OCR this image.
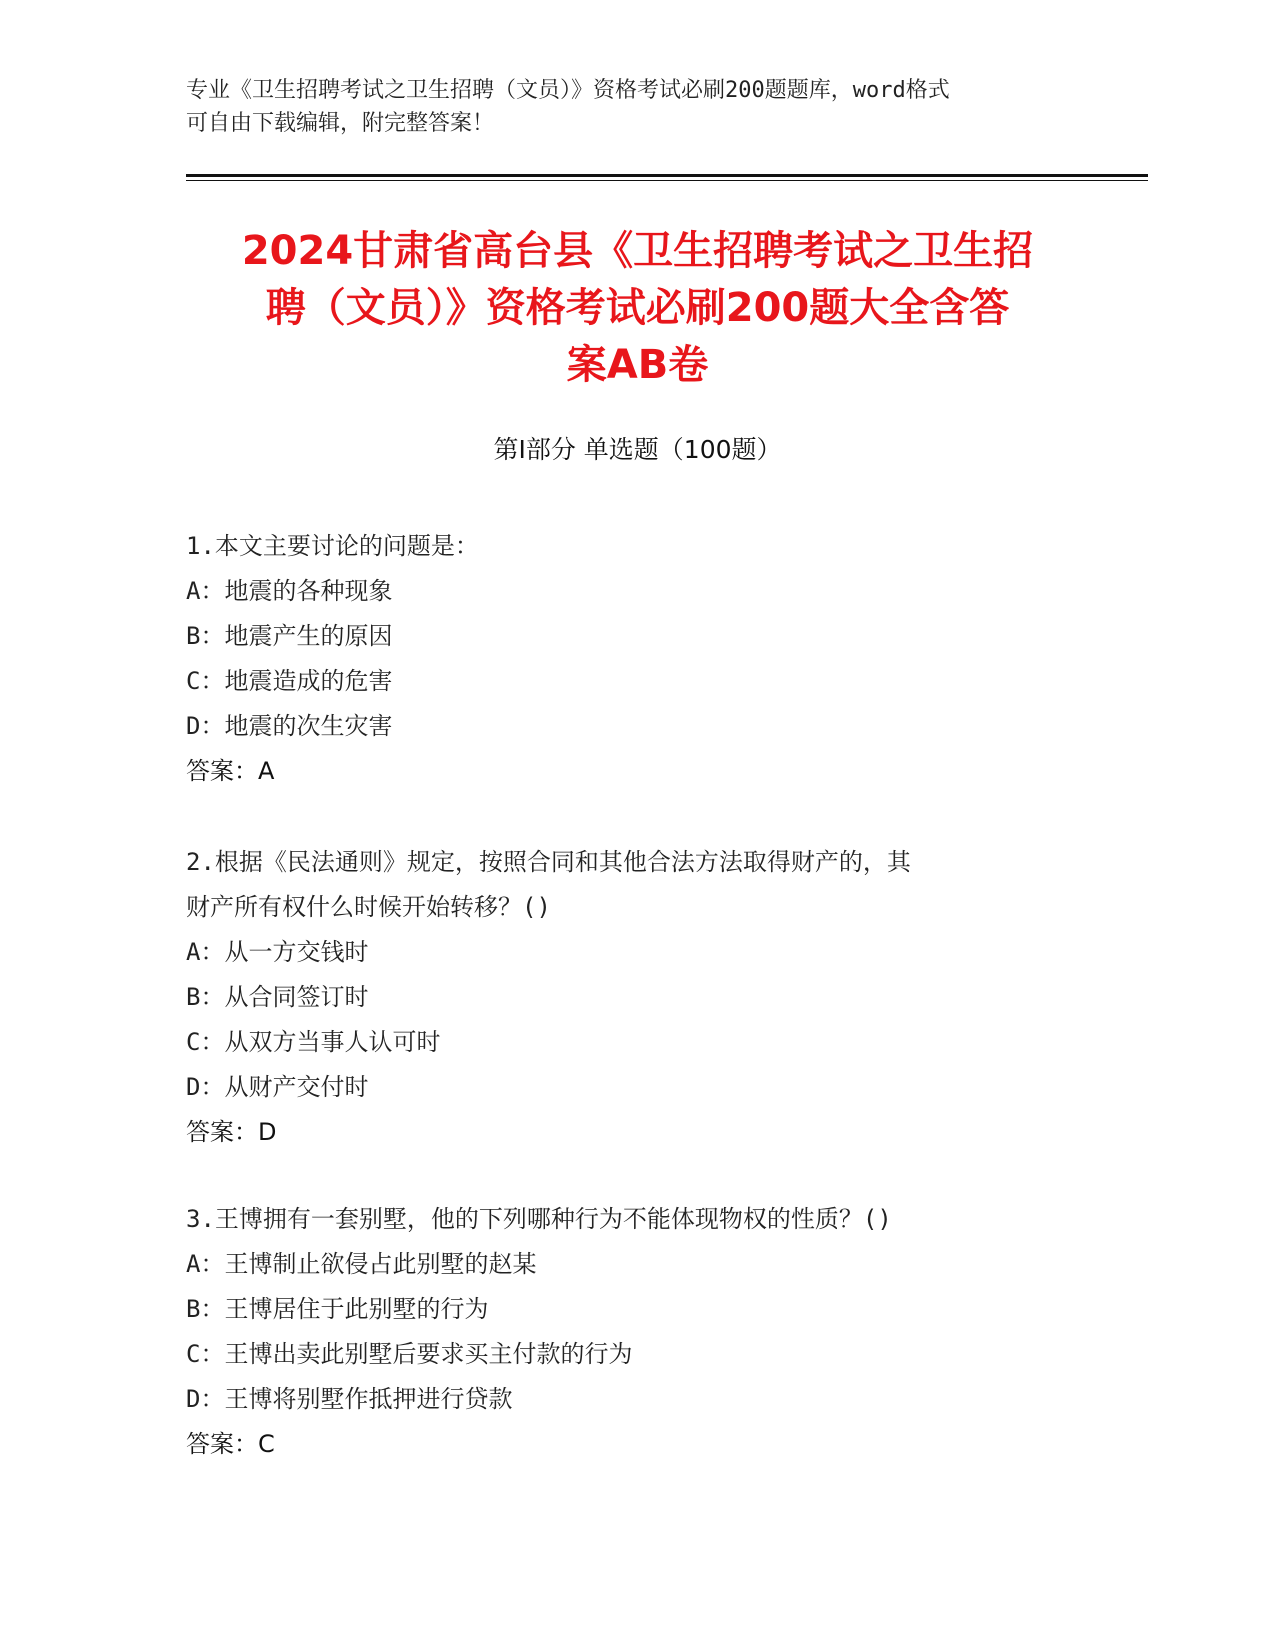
专业《卫生招聘考试之卫生招聘（文员）》资格考试必刷200题题库，word格式
可自由下载编辑，附完整答案！
2024甘肃省高台县《卫生招聘考试之卫生招
聘（文员）》资格考试必刷200题大全含答
案AB卷
第Ⅰ部分 单选题（100题）
1.本文主要讨论的问题是：
A：地震的各种现象
B：地震产生的原因
C：地震造成的危害
D：地震的次生灾害
答案：A
2.根据《民法通则》规定，按照合同和其他合法方法取得财产的，其
财产所有权什么时候开始转移？()
A：从一方交钱时
B：从合同签订时
C：从双方当事人认可时
D：从财产交付时
答案：D
3.王博拥有一套别墅，他的下列哪种行为不能体现物权的性质？()
A：王博制止欲侵占此别墅的赵某
B：王博居住于此别墅的行为
C：王博出卖此别墅后要求买主付款的行为
D：王博将别墅作抵押进行贷款
答案：C
